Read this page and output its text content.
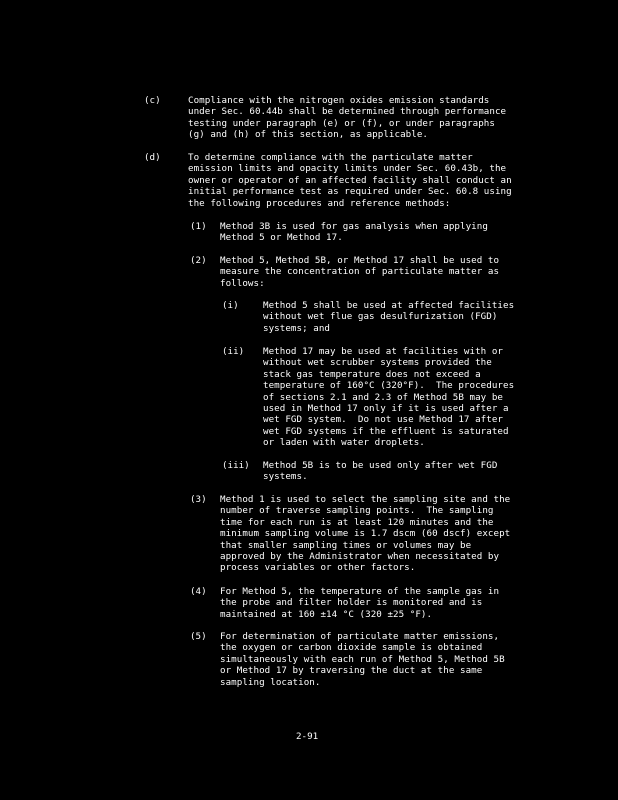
(c)	Compliance with the nitrogen oxides emission standards
under Sec. 60.44b shall be determined through performance
testing under paragraph (e) or (f), or under paragraphs
(g) and (h) of this section, as applicable.
(d)	To determine compliance with the particulate matter
emission limits and opacity limits under Sec. 60.43b, the
owner or operator of an affected facility shall conduct an
initial performance test as required under Sec. 60.8 using
the following procedures and reference methods:
(1) Method 3B is used for gas analysis when applying
Method 5 or Method 17.
(2) Method 5, Method 5B, or Method 17 shall be used to
measure the concentration of particulate matter as
follows:
(i)	Method 5 shall be used at affected facilities
without wet flue gas desulfurization (FGD)
systems; and
(ii) Method 17 may be used at facilities with or
without wet scrubber systems provided the
stack gas temperature does not exceed a
temperature of 160°C (320°F).  The procedures
of sections 2.1 and 2.3 of Method 5B may be
used in Method 17 only if it is used after a
wet FGD system.  Do not use Method 17 after
wet FGD systems if the effluent is saturated
or laden with water droplets.
(iii) Method 5B is to be used only after wet FGD
systems.
(3) Method 1 is used to select the sampling site and the
number of traverse sampling points.  The sampling
time for each run is at least 120 minutes and the
minimum sampling volume is 1.7 dscm (60 dscf) except
that smaller sampling times or volumes may be
approved by the Administrator when necessitated by
process variables or other factors.
(4) For Method 5, the temperature of the sample gas in
the probe and filter holder is monitored and is
maintained at 160 ±14 °C (320 ±25 °F).
(5) For determination of particulate matter emissions,
the oxygen or carbon dioxide sample is obtained
simultaneously with each run of Method 5, Method 5B
or Method 17 by traversing the duct at the same
sampling location.
2-91
